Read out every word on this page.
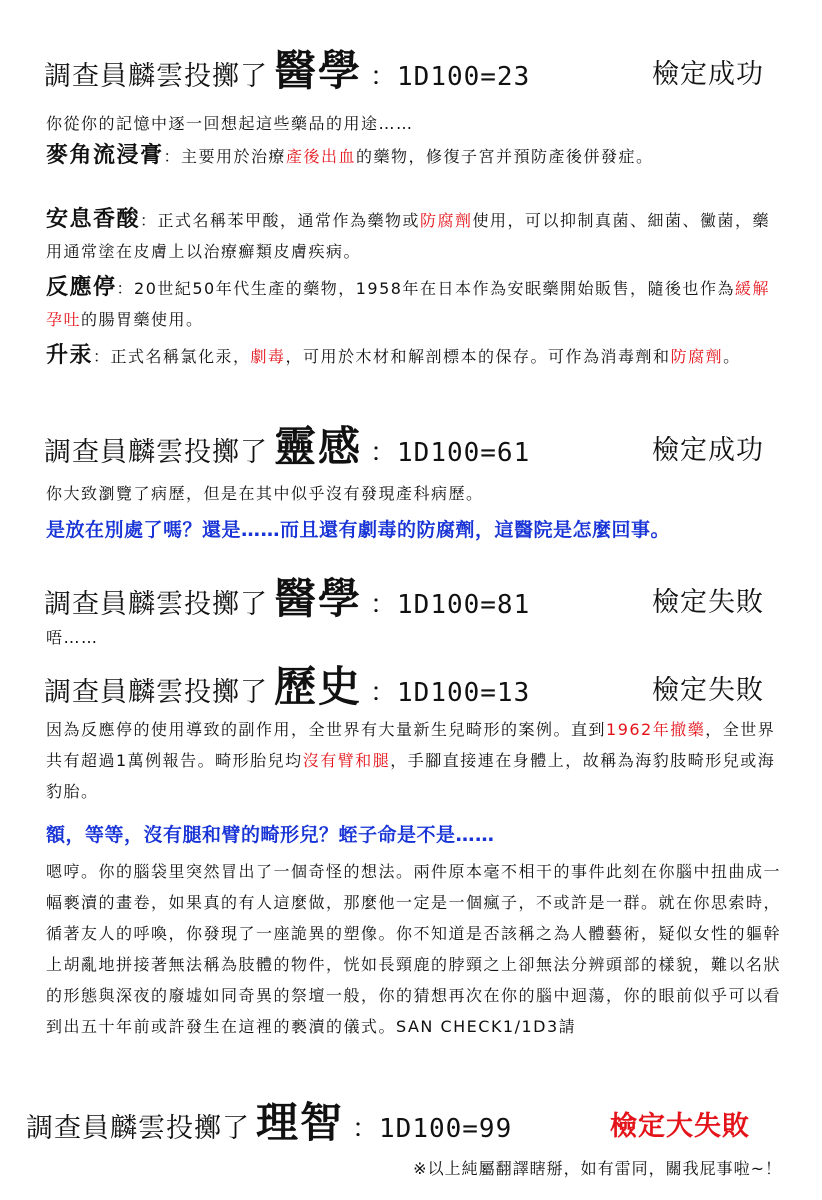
調查員麟雲投擲了 醫學 ：1D100=23	檢定成功
你從你的記憶中逐一回想起這些藥品的用途……
麥角流浸膏：主要用於治療產後出血的藥物，修復子宮并預防產後併發症。
安息香酸：正式名稱苯甲酸，通常作為藥物或防腐劑使用，可以抑制真菌、細菌、黴菌，藥用通常塗在皮膚上以治療癬類皮膚疾病。
反應停：20世紀50年代生產的藥物，1958年在日本作為安眠藥開始販售，隨後也作為緩解孕吐的腸胃藥使用。
升汞：正式名稱氯化汞，劇毒，可用於木材和解剖標本的保存。可作為消毒劑和防腐劑。
調查員麟雲投擲了 靈感 ：1D100=61	檢定成功
你大致瀏覽了病歷，但是在其中似乎沒有發現產科病歷。
是放在別處了嗎？還是……而且還有劇毒的防腐劑，這醫院是怎麼回事。
調查員麟雲投擲了 醫學 ：1D100=81	檢定失敗
唔……
調查員麟雲投擲了 歷史 ：1D100=13	檢定失敗
因為反應停的使用導致的副作用，全世界有大量新生兒畸形的案例。直到1962年撤藥，全世界共有超過1萬例報告。畸形胎兒均沒有臂和腿，手腳直接連在身體上，故稱為海豹肢畸形兒或海豹胎。
額，等等，沒有腿和臂的畸形兒？蛭子命是不是……
嗯哼。你的腦袋里突然冒出了一個奇怪的想法。兩件原本毫不相干的事件此刻在你腦中扭曲成一幅褻瀆的畫卷，如果真的有人這麼做，那麼他一定是一個瘋子，不或許是一群。就在你思索時，循著友人的呼喚，你發現了一座詭異的塑像。你不知道是否該稱之為人體藝術，疑似女性的軀幹上胡亂地拼接著無法稱為肢體的物件，恍如長頸鹿的脖頸之上卻無法分辨頭部的樣貌，難以名狀的形態與深夜的廢墟如同奇異的祭壇一般，你的猜想再次在你的腦中迴蕩，你的眼前似乎可以看到出五十年前或許發生在這裡的褻瀆的儀式。SAN CHECK1/1D3請
調查員麟雲投擲了 理智 ：1D100=99	檢定大失敗
※以上純屬翻譯瞎掰，如有雷同，關我屁事啦~！
